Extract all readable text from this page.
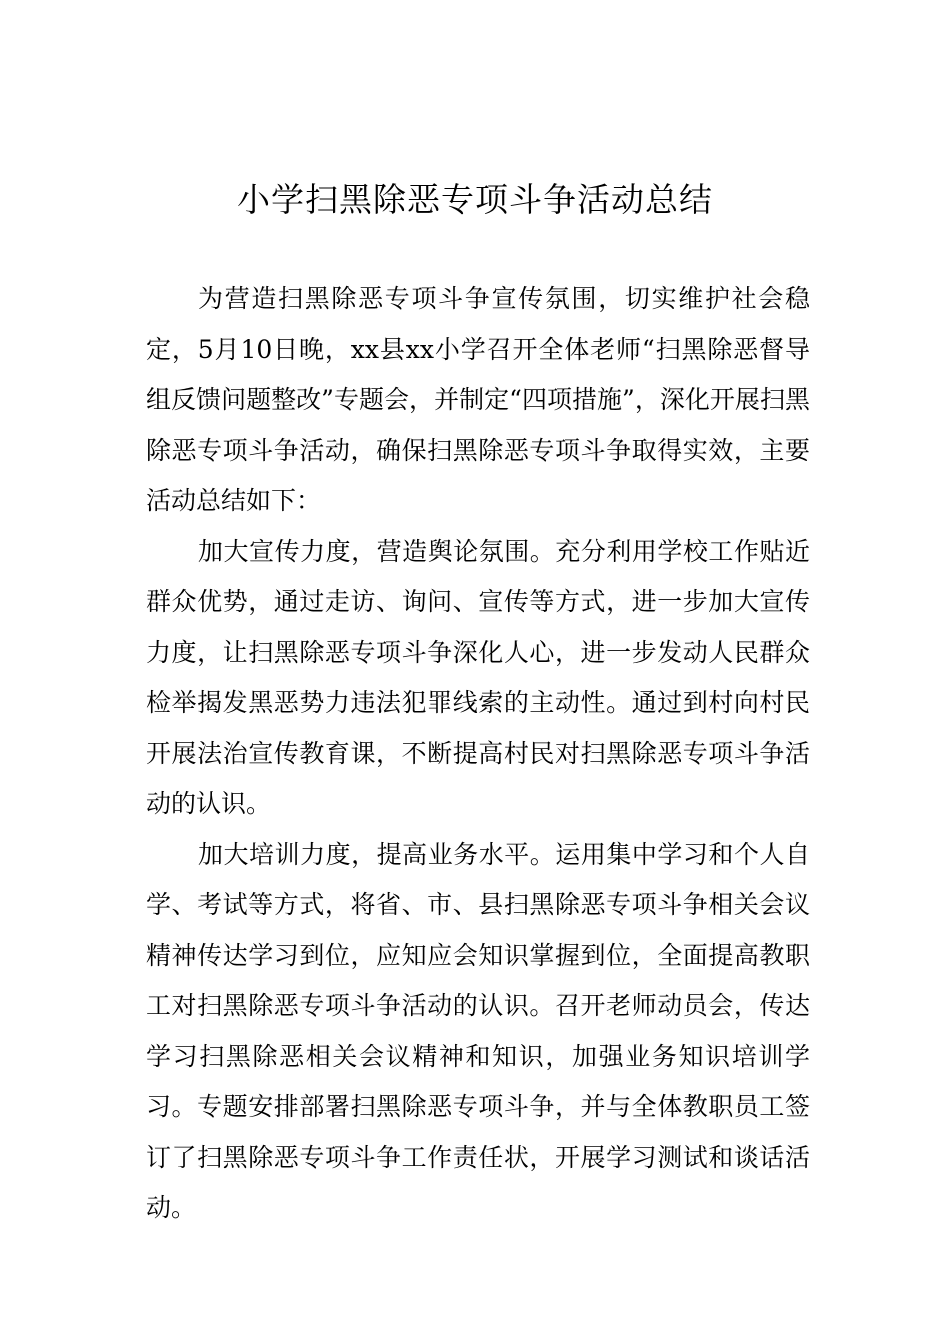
小学扫黑除恶专项斗争活动总结

为营造扫黑除恶专项斗争宣传氛围，切实维护社会稳定，5月10日晚，xx县xx小学召开全体老师“扫黑除恶督导组反馈问题整改”专题会，并制定“四项措施”，深化开展扫黑除恶专项斗争活动，确保扫黑除恶专项斗争取得实效，主要活动总结如下：

加大宣传力度，营造舆论氛围。充分利用学校工作贴近群众优势，通过走访、询问、宣传等方式，进一步加大宣传力度，让扫黑除恶专项斗争深化人心，进一步发动人民群众检举揭发黑恶势力违法犯罪线索的主动性。通过到村向村民开展法治宣传教育课，不断提高村民对扫黑除恶专项斗争活动的认识。

加大培训力度，提高业务水平。运用集中学习和个人自学、考试等方式，将省、市、县扫黑除恶专项斗争相关会议精神传达学习到位，应知应会知识掌握到位，全面提高教职工对扫黑除恶专项斗争活动的认识。召开老师动员会，传达学习扫黑除恶相关会议精神和知识，加强业务知识培训学习。专题安排部署扫黑除恶专项斗争，并与全体教职员工签订了扫黑除恶专项斗争工作责任状，开展学习测试和谈话活动。
